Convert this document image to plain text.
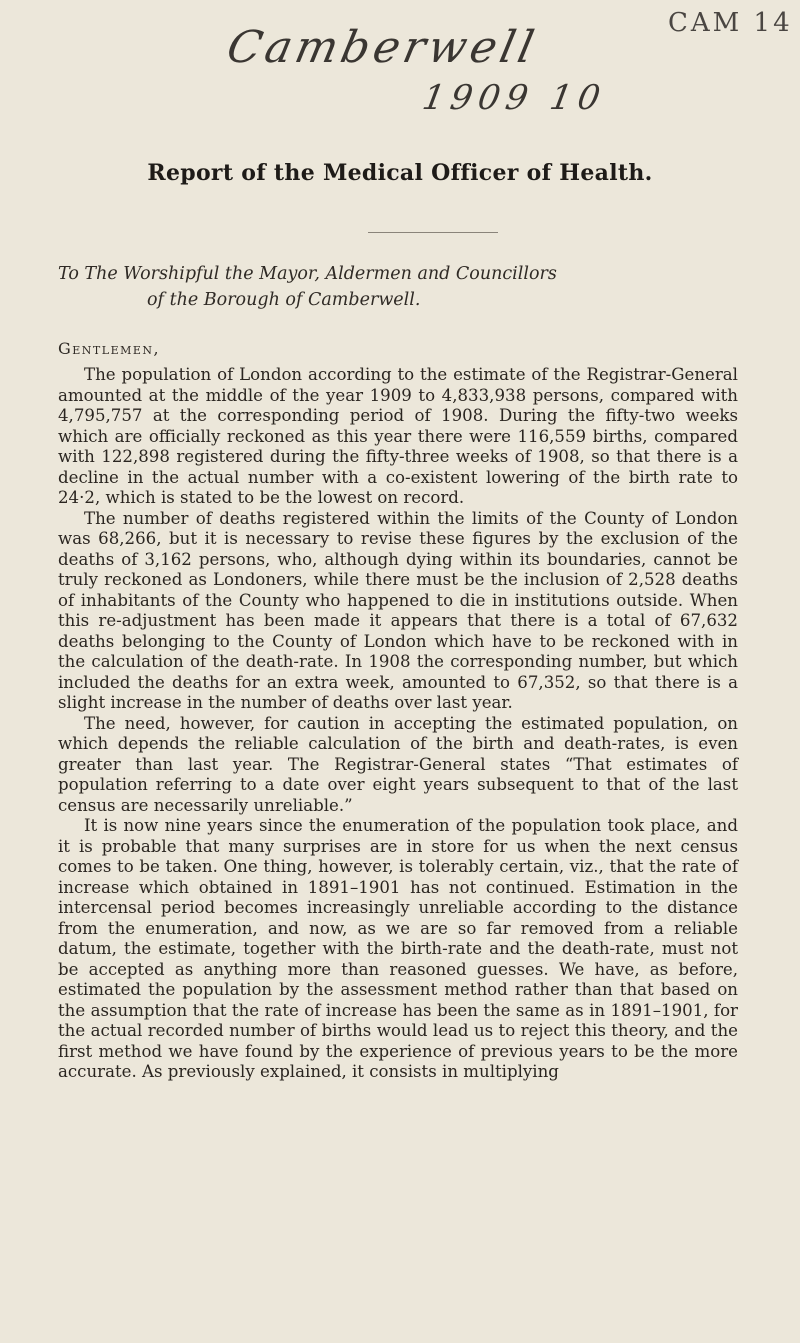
Camberwell
1909 10
CAM 14
Report of the Medical Officer of Health.
To The Worshipful the Mayor, Aldermen and Councillors
of the Borough of Camberwell.
Gentlemen,

The population of London according to the estimate of the Registrar-General amounted at the middle of the year 1909 to 4,833,938 persons, compared with 4,795,757 at the corresponding period of 1908. During the fifty-two weeks which are officially reckoned as this year there were 116,559 births, compared with 122,898 registered during the fifty-three weeks of 1908, so that there is a decline in the actual number with a co-existent lowering of the birth rate to 24·2, which is stated to be the lowest on record.

The number of deaths registered within the limits of the County of London was 68,266, but it is necessary to revise these figures by the exclusion of the deaths of 3,162 persons, who, although dying within its boundaries, cannot be truly reckoned as Londoners, while there must be the inclusion of 2,528 deaths of inhabitants of the County who happened to die in institutions outside. When this re-adjustment has been made it appears that there is a total of 67,632 deaths belonging to the County of London which have to be reckoned with in the calculation of the death-rate. In 1908 the corresponding number, but which included the deaths for an extra week, amounted to 67,352, so that there is a slight increase in the number of deaths over last year.

The need, however, for caution in accepting the estimated population, on which depends the reliable calculation of the birth and death-rates, is even greater than last year. The Registrar-General states “That estimates of population referring to a date over eight years subsequent to that of the last census are necessarily unreliable.”

It is now nine years since the enumeration of the population took place, and it is probable that many surprises are in store for us when the next census comes to be taken. One thing, however, is tolerably certain, viz., that the rate of increase which obtained in 1891–1901 has not continued. Estimation in the intercensal period becomes increasingly unreliable according to the distance from the enumeration, and now, as we are so far removed from a reliable datum, the estimate, together with the birth-rate and the death-rate, must not be accepted as anything more than reasoned guesses. We have, as before, estimated the population by the assessment method rather than that based on the assumption that the rate of increase has been the same as in 1891–1901, for the actual recorded number of births would lead us to reject this theory, and the first method we have found by the experience of previous years to be the more accurate. As previously explained, it consists in multiplying
